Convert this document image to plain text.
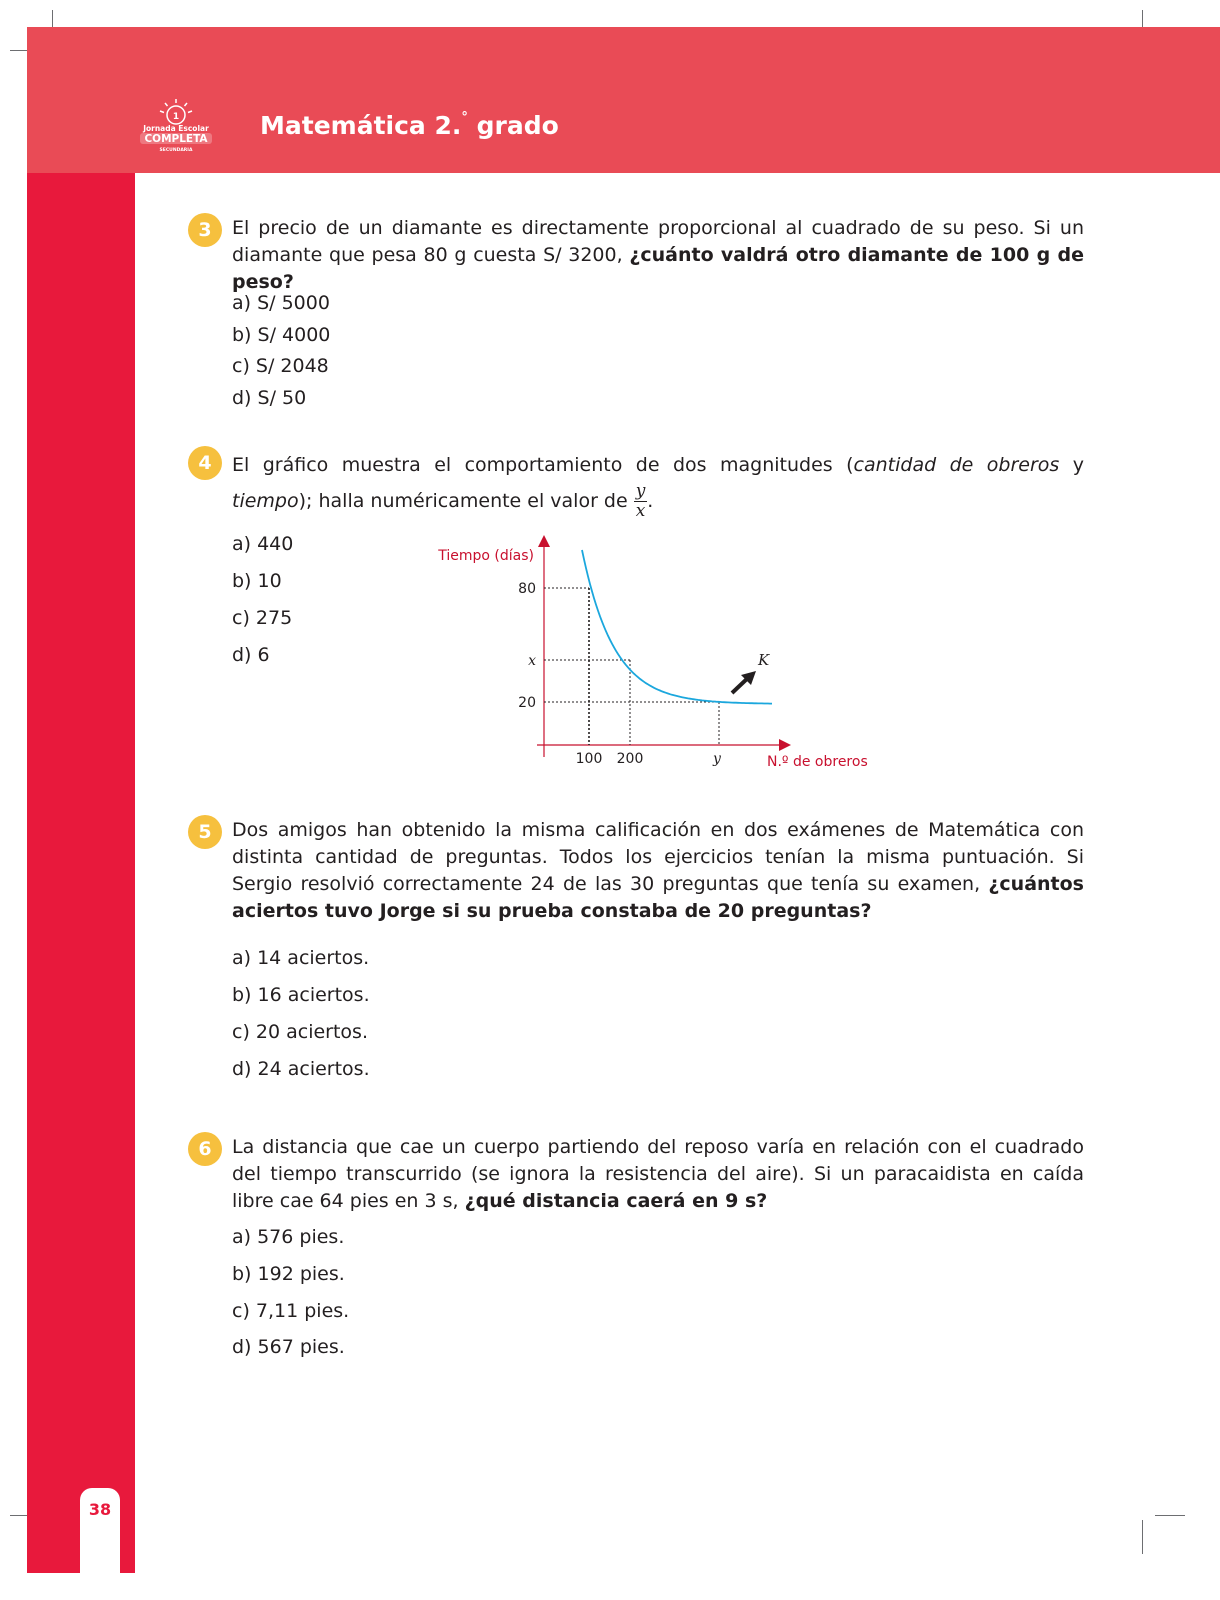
38
1
Jornada Escolar
COMPLETA
SECUNDARIA
Matemática 2.° grado
3	El precio de un diamante es directamente proporcional al cuadrado de su peso. Si un diamante que pesa 80 g cuesta S/ 3200, ¿cuánto valdrá otro diamante de 100 g de peso?
a) S/ 5000
b) S/ 4000
c) S/ 2048
d) S/ 50
4	El gráfico muestra el comportamiento de dos magnitudes (cantidad de obreros y tiempo); halla numéricamente el valor de $\frac{y}{x}$ .
a) 440
b) 10
c) 275
d) 6
Tiempo (días)
N.º de obreros
80
x
20
100 200	y
K
5	Dos amigos han obtenido la misma calificación en dos exámenes de Matemática con distinta cantidad de preguntas. Todos los ejercicios tenían la misma puntuación. Si Sergio resolvió correctamente 24 de las 30 preguntas que tenía su examen, ¿cuántos aciertos tuvo Jorge si su prueba constaba de 20 preguntas?
a) 14 aciertos.
b) 16 aciertos.
c) 20 aciertos.
d) 24 aciertos.
6	La distancia que cae un cuerpo partiendo del reposo varía en relación con el cuadrado del tiempo transcurrido (se ignora la resistencia del aire). Si un paracaidista en caída libre cae 64 pies en 3 s, ¿qué distancia caerá en 9 s?
a) 576 pies.
b) 192 pies.
c) 7,11 pies.
d) 567 pies.
